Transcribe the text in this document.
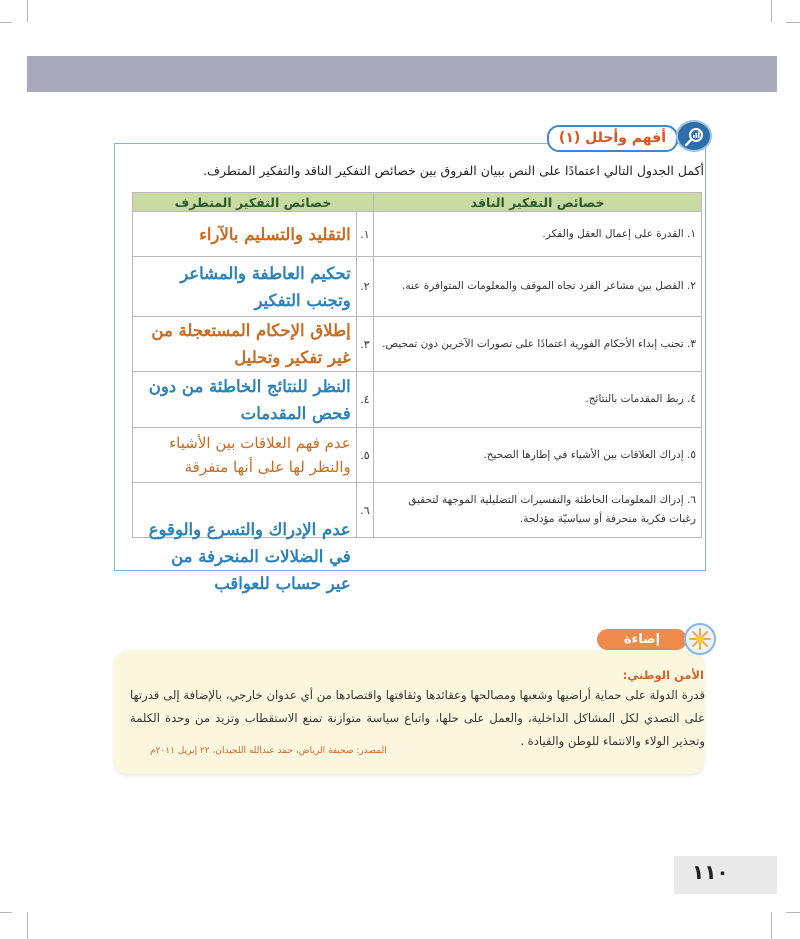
أفهم وأحلل (١)
أكمل الجدول التالي اعتمادًا على النص ببيان الفروق بين خصائص التفكير الناقد والتفكير المتطرف.
خصائص التفكير الناقد	خصائص التفكير المتطرف	
١. القدرة على إعمال العقل والفكر.	١.	التقليد والتسليم بالآراء

٢. الفصل بين مشاعر الفرد تجاه الموقف والمعلومات المتوافرة عنه.	٢.	تحكيم العاطفة والمشاعر وتجنب التفكير

٣. تجنب إبداء الأحكام الفورية اعتمادًا على تصورات الآخرين دون تمحيص.	٣.	إطلاق الإحكام المستعجلة من غير تفكير وتحليل

٤. ربط المقدمات بالنتائج.	٤.	النظر للنتائج الخاطئة من دون فحص المقدمات

٥. إدراك العلاقات بين الأشياء في إطارها الصحيح.	٥.	عدم فهم العلاقات بين الأشياء والنظر لها على أنها متفرقة

٦. إدراك المعلومات الخاطئة والتفسيرات التضليلية الموجهة لتحقيق رغبات فكرية منحرفة أو سياسيّة مؤدلجة.	٦.	عدم الإدراك والتسرع والوقوع في الضلالات المنحرفة من عير حساب للعواقب
إضاءة
الأمن الوطني:
قدرة الدولة على حماية أراضيها وشعبها ومصالحها وعقائدها وثقافتها واقتصادها من أي عدوان خارجي، بالإضافة إلى قدرتها على التصدي لكل المشاكل الداخلية، والعمل على حلها، واتباع سياسة متوازنة تمنع الاستقطاب وتزيد من وحدة الكلمة وتجذير الولاء والانتماء للوطن والقيادة .
المصدر: صحيفة الرياض، حمد عبدالله اللحيدان، ٢٢ إبريل ٢٠١١م
١١٠
